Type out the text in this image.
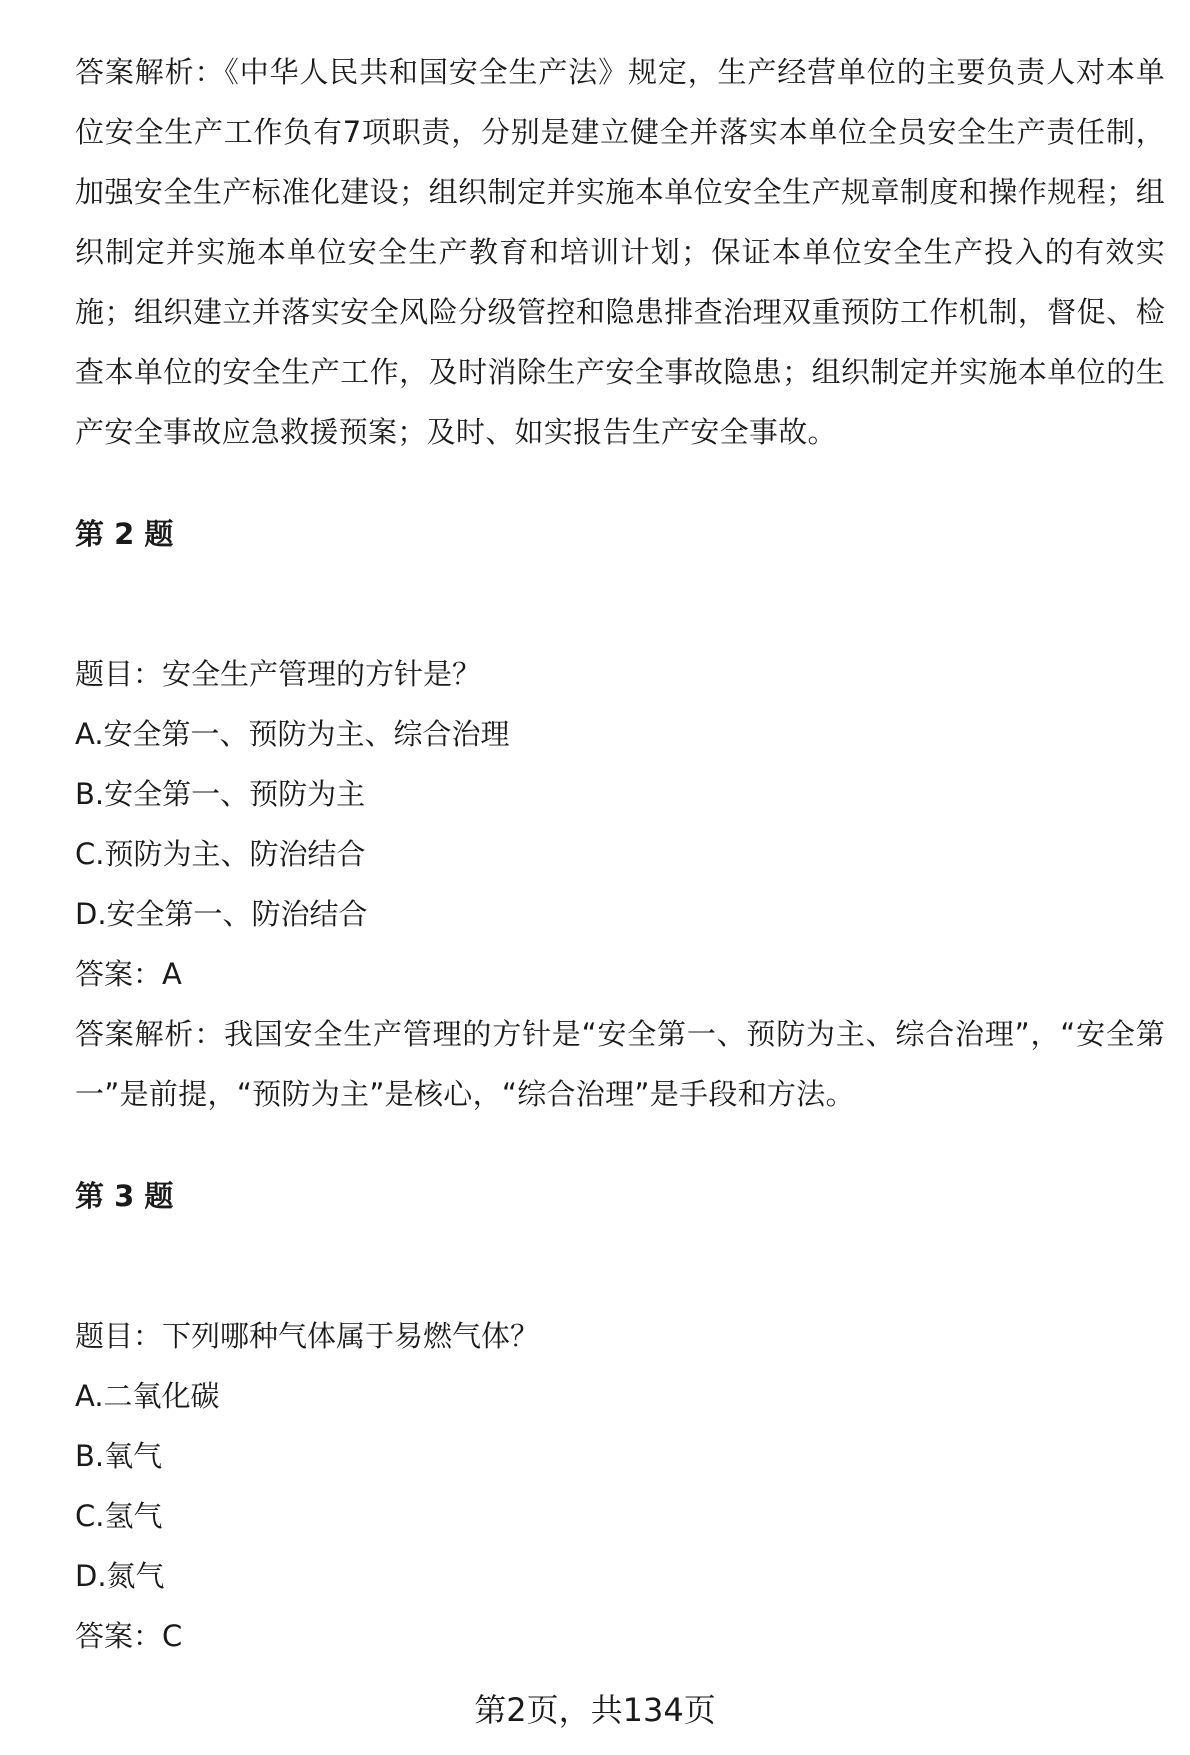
答案解析：《中华人民共和国安全生产法》规定，生产经营单位的主要负责人对本单位安全生产工作负有7项职责，分别是建立健全并落实本单位全员安全生产责任制，加强安全生产标准化建设；组织制定并实施本单位安全生产规章制度和操作规程；组织制定并实施本单位安全生产教育和培训计划；保证本单位安全生产投入的有效实施；组织建立并落实安全风险分级管控和隐患排查治理双重预防工作机制，督促、检查本单位的安全生产工作，及时消除生产安全事故隐患；组织制定并实施本单位的生产安全事故应急救援预案；及时、如实报告生产安全事故。

第 2 题

题目：安全生产管理的方针是？

A.安全第一、预防为主、综合治理

B.安全第一、预防为主

C.预防为主、防治结合

D.安全第一、防治结合

答案：A

答案解析：我国安全生产管理的方针是“安全第一、预防为主、综合治理”，“安全第一”是前提，“预防为主”是核心，“综合治理”是手段和方法。

第 3 题

题目：下列哪种气体属于易燃气体？

A.二氧化碳

B.氧气

C.氢气

D.氮气

答案：C

第2页，共134页
